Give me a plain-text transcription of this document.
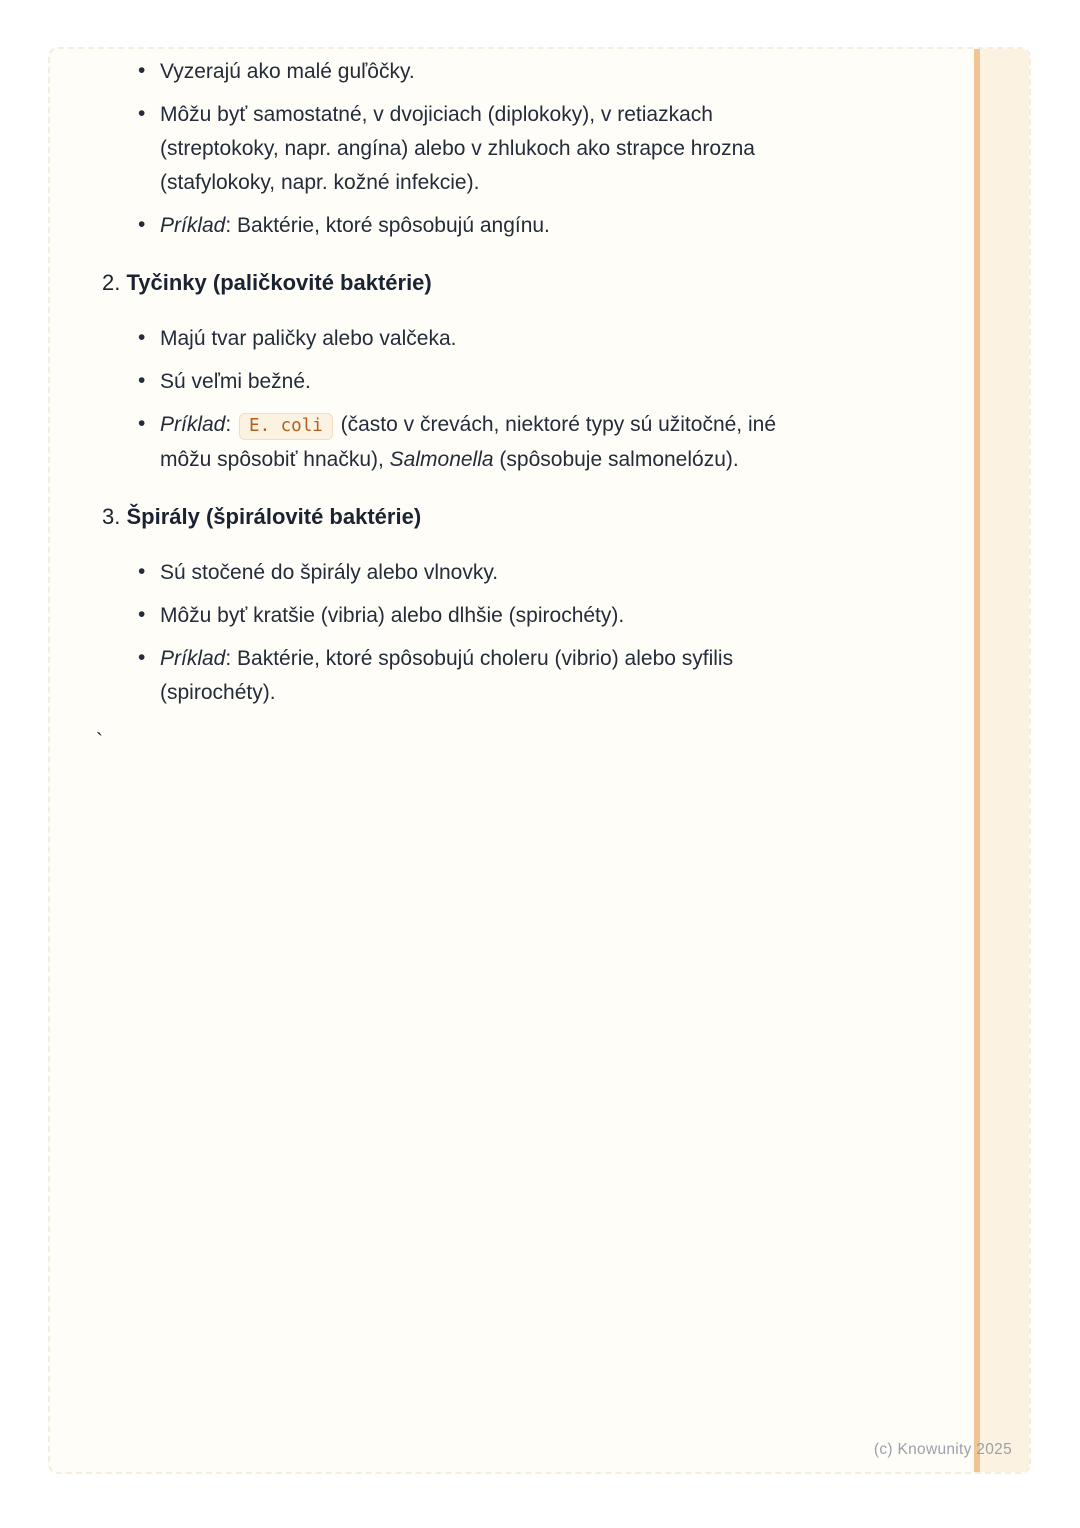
• Vyzerajú ako malé guľôčky.
• Môžu byť samostatné, v dvojiciach (diplokoky), v retiazkach (streptokoky, napr. angína) alebo v zhlukoch ako strapce hrozna (stafylokoky, napr. kožné infekcie).
• Príklad: Baktérie, ktoré spôsobujú angínu.
2. Tyčinky (paličkovité baktérie)
• Majú tvar paličky alebo valčeka.
• Sú veľmi bežné.
• Príklad: E. coli (často v črevách, niektoré typy sú užitočné, iné môžu spôsobiť hnačku), Salmonella (spôsobuje salmonelózu).
3. Špirály (špirálovité baktérie)
• Sú stočené do špirály alebo vlnovky.
• Môžu byť kratšie (vibria) alebo dlhšie (spirochéty).
• Príklad: Baktérie, ktoré spôsobujú choleru (vibrio) alebo syfilis (spirochéty).
`
(c) Knowunity 2025
